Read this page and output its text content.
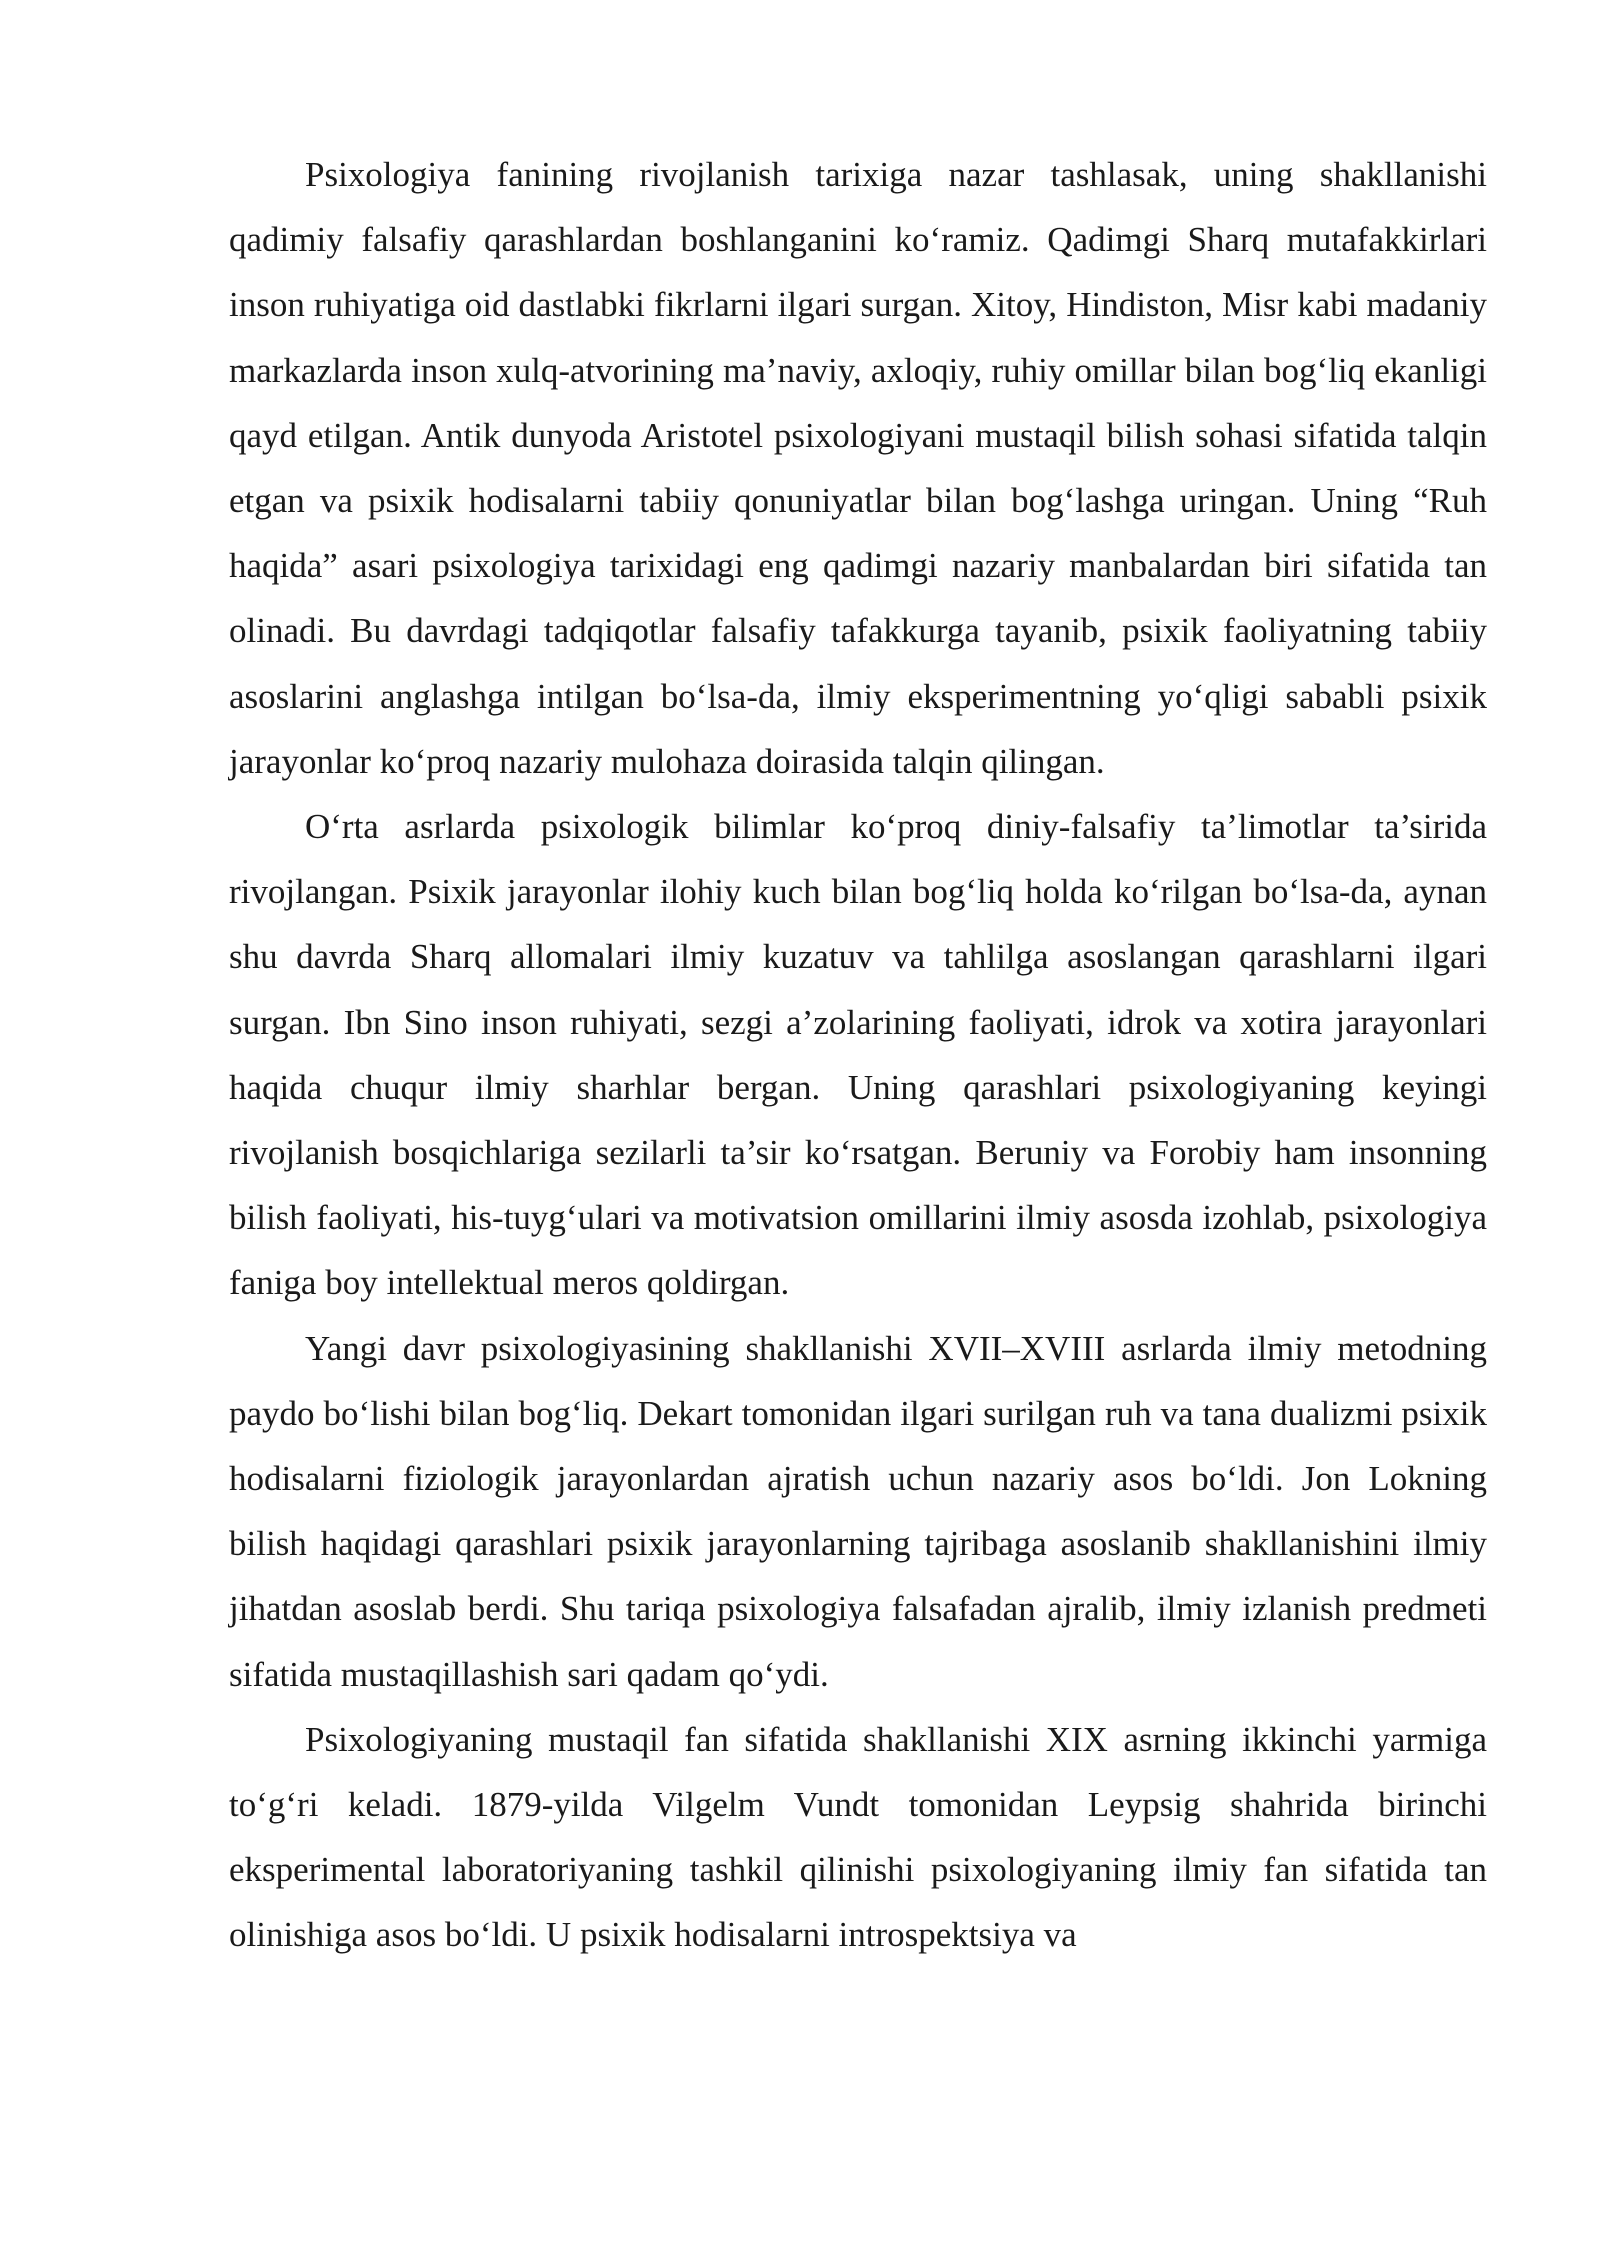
Psixologiya fanining rivojlanish tarixiga nazar tashlasak, uning shakllanishi qadimiy falsafiy qarashlardan boshlanganini ko‘ramiz. Qadimgi Sharq mutafakkirlari inson ruhiyatiga oid dastlabki fikrlarni ilgari surgan. Xitoy, Hindiston, Misr kabi madaniy markazlarda inson xulq-atvorining ma’naviy, axloqiy, ruhiy omillar bilan bog‘liq ekanligi qayd etilgan. Antik dunyoda Aristotel psixologiyani mustaqil bilish sohasi sifatida talqin etgan va psixik hodisalarni tabiiy qonuniyatlar bilan bog‘lashga uringan. Uning “Ruh haqida” asari psixologiya tarixidagi eng qadimgi nazariy manbalardan biri sifatida tan olinadi. Bu davrdagi tadqiqotlar falsafiy tafakkurga tayanib, psixik faoliyatning tabiiy asoslarini anglashga intilgan bo‘lsa-da, ilmiy eksperimentning yo‘qligi sababli psixik jarayonlar ko‘proq nazariy mulohaza doirasida talqin qilingan.

O‘rta asrlarda psixologik bilimlar ko‘proq diniy-falsafiy ta’limotlar ta’sirida rivojlangan. Psixik jarayonlar ilohiy kuch bilan bog‘liq holda ko‘rilgan bo‘lsa-da, aynan shu davrda Sharq allomalari ilmiy kuzatuv va tahlilga asoslangan qarashlarni ilgari surgan. Ibn Sino inson ruhiyati, sezgi a’zolarining faoliyati, idrok va xotira jarayonlari haqida chuqur ilmiy sharhlar bergan. Uning qarashlari psixologiyaning keyingi rivojlanish bosqichlariga sezilarli ta’sir ko‘rsatgan. Beruniy va Forobiy ham insonning bilish faoliyati, his-tuyg‘ulari va motivatsion omillarini ilmiy asosda izohlab, psixologiya faniga boy intellektual meros qoldirgan.

Yangi davr psixologiyasining shakllanishi XVII–XVIII asrlarda ilmiy metodning paydo bo‘lishi bilan bog‘liq. Dekart tomonidan ilgari surilgan ruh va tana dualizmi psixik hodisalarni fiziologik jarayonlardan ajratish uchun nazariy asos bo‘ldi. Jon Lokning bilish haqidagi qarashlari psixik jarayonlarning tajribaga asoslanib shakllanishini ilmiy jihatdan asoslab berdi. Shu tariqa psixologiya falsafadan ajralib, ilmiy izlanish predmeti sifatida mustaqillashish sari qadam qo‘ydi.

Psixologiyaning mustaqil fan sifatida shakllanishi XIX asrning ikkinchi yarmiga to‘g‘ri keladi. 1879-yilda Vilgelm Vundt tomonidan Leypsig shahrida birinchi eksperimental laboratoriyaning tashkil qilinishi psixologiyaning ilmiy fan sifatida tan olinishiga asos bo‘ldi. U psixik hodisalarni introspektsiya va
